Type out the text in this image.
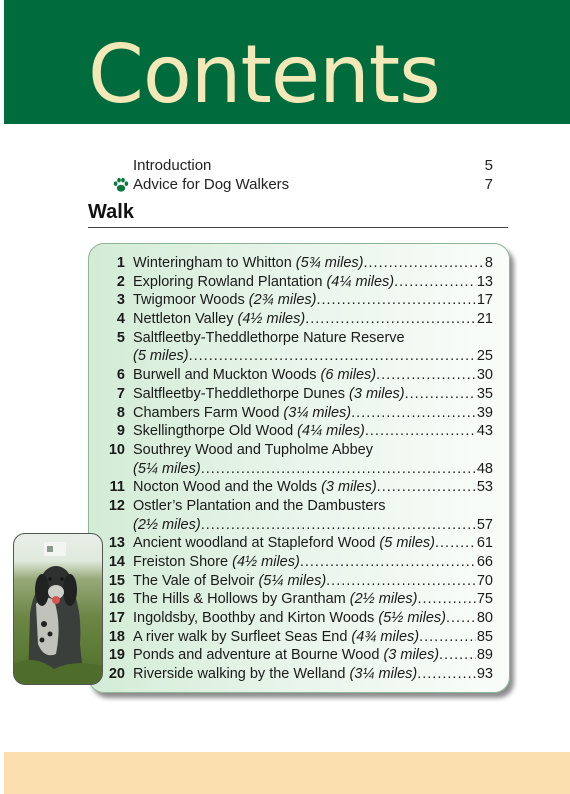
Contents
Introduction	5
Advice for Dog Walkers	7
Walk
1 Winteringham to Whitton (5¾ miles) .....	8
2 Exploring Rowland Plantation (4¼ miles) .....	13
3 Twigmoor Woods (2¾ miles) .....	17
4 Nettleton Valley (4½ miles) .....	21
5 Saltfleetby-Theddlethorpe Nature Reserve
(5 miles) .....	25
6 Burwell and Muckton Woods (6 miles) .....	30
7 Saltfleetby-Theddlethorpe Dunes (3 miles) .....	35
8 Chambers Farm Wood (3¼ miles) .....	39
9 Skellingthorpe Old Wood (4¼ miles) .....	43
10 Southrey Wood and Tupholme Abbey
(5¼ miles) .....	48
11 Nocton Wood and the Wolds (3 miles) .....	53
12 Ostler’s Plantation and the Dambusters
(2½ miles) .....	57
13 Ancient woodland at Stapleford Wood (5 miles) .....	61
14 Freiston Shore (4½ miles) .....	66
15 The Vale of Belvoir (5¼ miles) .....	70
16 The Hills & Hollows by Grantham (2½ miles) .....	75
17 Ingoldsby, Boothby and Kirton Woods (5½ miles) ..... 80
18 A river walk by Surfleet Seas End (4¾ miles) .....	85
19 Ponds and adventure at Bourne Wood (3 miles) .....	89
20 Riverside walking by the Welland (3¼ miles) .....	93
